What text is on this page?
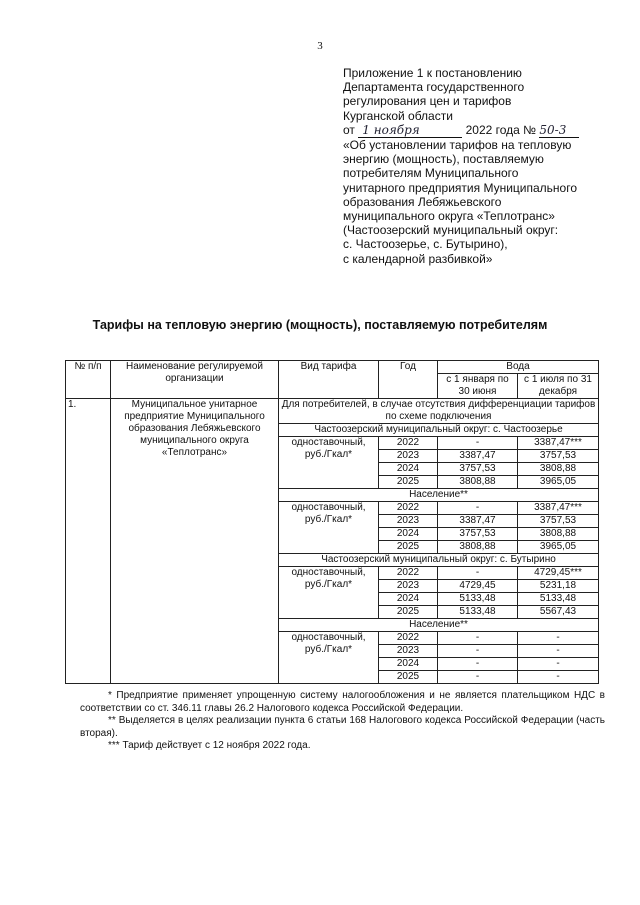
3
Приложение 1 к постановлению
Департамента государственного
регулирования цен и тарифов
Курганской области
от 1 ноября	2022 года № 50-3
«Об установлении тарифов на тепловую
энергию (мощность), поставляемую
потребителям Муниципального
унитарного предприятия Муниципального
образования Лебяжьевского
муниципального округа «Теплотранс»
(Частоозерский муниципальный округ:
с. Частоозерье, с. Бутырино),
с календарной разбивкой»
Тарифы на тепловую энергию (мощность), поставляемую потребителям
№ п/п	Наименование регулируемой организации	Вид тарифа	Год	Вода	
				с 1 января по 30 июня	с 1 июля по 31 декабря
1.	Муниципальное унитарное предприятие Муниципального образования Лебяжьевского муниципального округа «Теплотранс»	Для потребителей, в случае отсутствия дифференциации тарифов по схеме подключения			
		Частоозерский муниципальный округ: с. Частоозерье			
		одноставочный, руб./Гкал*	2022	-	3387,47***
			2023	3387,47	3757,53
			2024	3757,53	3808,88
			2025	3808,88	3965,05
		Население**			
		одноставочный, руб./Гкал*	2022	-	3387,47***
			2023	3387,47	3757,53
			2024	3757,53	3808,88
			2025	3808,88	3965,05
		Частоозерский муниципальный округ: с. Бутырино			
		одноставочный, руб./Гкал*	2022	-	4729,45***
			2023	4729,45	5231,18
			2024	5133,48	5133,48
			2025	5133,48	5567,43
		Население**			
		одноставочный, руб./Гкал*	2022	-	-
			2023	-	-
			2024	-	-
			2025	-	-

* Предприятие применяет упрощенную систему налогообложения и не является плательщиком НДС в соответствии со ст. 346.11 главы 26.2 Налогового кодекса Российской Федерации.

** Выделяется в целях реализации пункта 6 статьи 168 Налогового кодекса Российской Федерации (часть вторая).

*** Тариф действует с 12 ноября 2022 года.
